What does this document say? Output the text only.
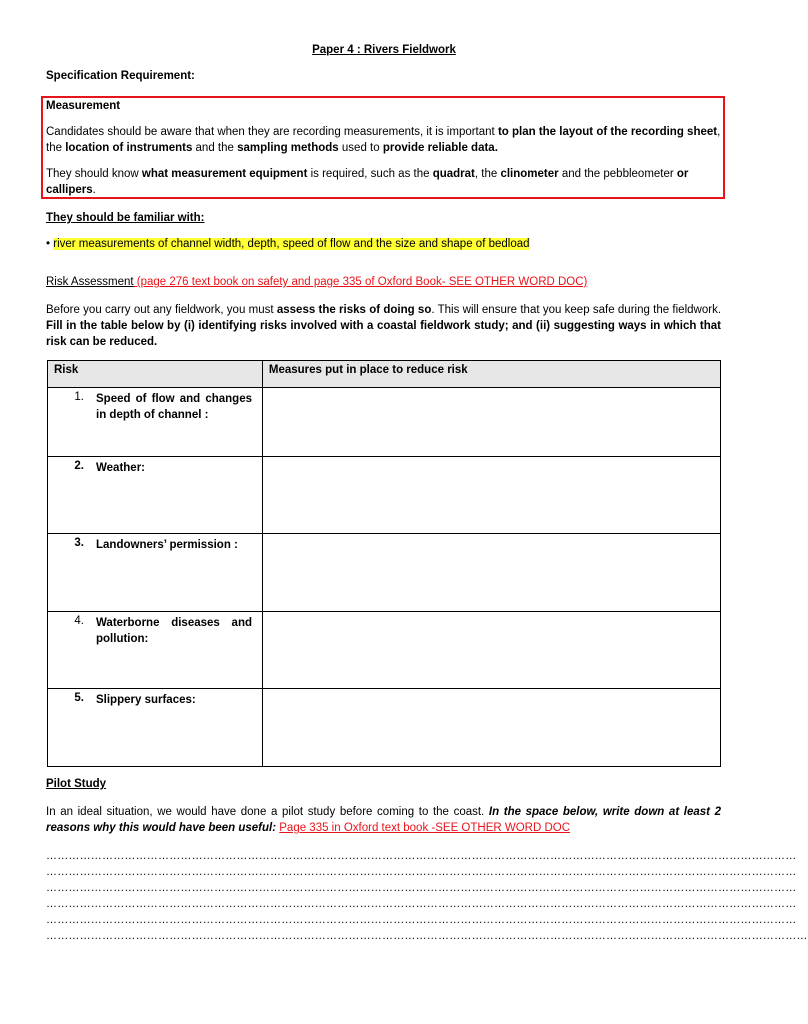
Paper 4 : Rivers Fieldwork
Specification Requirement:
Measurement
Candidates should be aware that when they are recording measurements, it is important to plan the layout of the recording sheet, the location of instruments and the sampling methods used to provide reliable data.
They should know what measurement equipment is required, such as the quadrat, the clinometer and the pebbleometer or callipers.
They should be familiar with:
• river measurements of channel width, depth, speed of flow and the size and shape of bedload
Risk Assessment (page 276 text book on safety and page 335 of Oxford Book- SEE OTHER WORD DOC)
Before you carry out any fieldwork, you must assess the risks of doing so. This will ensure that you keep safe during the fieldwork. Fill in the table below by (i) identifying risks involved with a coastal fieldwork study; and (ii) suggesting ways in which that risk can be reduced.
Risk	Measures put in place to reduce risk
1. Speed of flow and changes in depth of channel :	
2. Weather:	
3. Landowners’ permission :	
4. Waterborne diseases and pollution:	
5. Slippery surfaces:	
Pilot Study
In an ideal situation, we would have done a pilot study before coming to the coast. In the space below, write down at least 2 reasons why this would have been useful: Page 335 in Oxford text book -SEE OTHER WORD DOC
…………………………………………………………………………………………………………………………………………………………………………………
…………………………………………………………………………………………………………………………………………………………………………………
…………………………………………………………………………………………………………………………………………………………………………………
…………………………………………………………………………………………………………………………………………………………………………………
…………………………………………………………………………………………………………………………………………………………………………………
……………………………………………………………………………………………………………………………………………………………………………………
